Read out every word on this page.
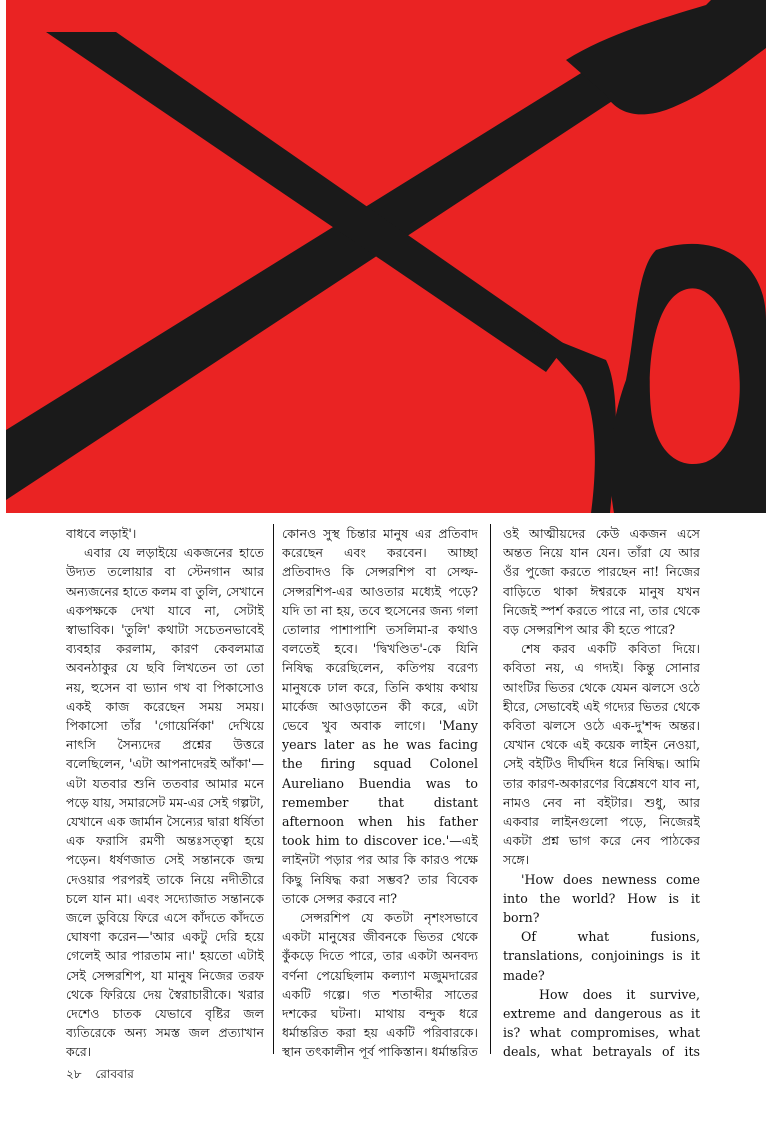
বাধবে লড়াই'।

এবার যে লড়াইয়ে একজনের হাতে উদ্যত তলোয়ার বা স্টেনগান আর অন্যজনের হাতে কলম বা তুলি, সেখানে একপক্ষকে দেখা যাবে না, সেটাই স্বাভাবিক। 'তুলি' কথাটা সচেতনভাবেই ব্যবহার করলাম, কারণ কেবলমাত্র অবনঠাকুর যে ছবি লিখতেন তা তো নয়, হুসেন বা ভ্যান গখ বা পিকাসোও একই কাজ করেছেন সময় সময়। পিকাসো তাঁর 'গোয়ের্নিকা' দেখিয়ে নাৎসি সৈন্যদের প্রশ্নের উত্তরে বলেছিলেন, 'এটা আপনাদেরই আঁকা'—এটা যতবার শুনি ততবার আমার মনে পড়ে যায়, সমারসেট মম-এর সেই গল্পটা, যেখানে এক জার্মান সৈন্যের দ্বারা ধর্ষিতা এক ফরাসি রমণী অন্তঃসত্ত্বা হয়ে পড়েন। ধর্ষণজাত সেই সন্তানকে জন্ম দেওয়ার পরপরই তাকে নিয়ে নদীতীরে চলে যান মা। এবং সদ্যোজাত সন্তানকে জলে ডুবিয়ে ফিরে এসে কাঁদতে কাঁদতে ঘোষণা করেন—'আর একটু দেরি হয়ে গেলেই আর পারতাম না।' হয়তো এটাই সেই সেন্সরশিপ, যা মানুষ নিজের তরফ থেকে ফিরিয়ে দেয় স্বৈরাচারীকে। খরার দেশেও চাতক যেভাবে বৃষ্টির জল ব্যতিরেকে অন্য সমস্ত জল প্রত্যাখান করে।

কোনও সুস্থ চিন্তার মানুষ এর প্রতিবাদ করেছেন এবং করবেন। আচ্ছা প্রতিবাদও কি সেন্সরশিপ বা সেল্ফ-সেন্সরশিপ-এর আওতার মধ্যেই পড়ে? যদি তা না হয়, তবে হুসেনের জন্য গলা তোলার পাশাপাশি তসলিমা-র কথাও বলতেই হবে। 'দ্বিখণ্ডিত'-কে যিনি নিষিদ্ধ করেছিলেন, কতিপয় বরেণ্য মানুষকে ঢাল করে, তিনি কথায় কথায় মার্কেজ আওড়াতেন কী করে, এটা ভেবে খুব অবাক লাগে। 'Many years later as he was facing the firing squad Colonel Aureliano Buendia was to remember that distant afternoon when his father took him to discover ice.'—এই লাইনটা পড়ার পর আর কি কারও পক্ষে কিছু নিষিদ্ধ করা সম্ভব? তার বিবেক তাকে সেন্সর করবে না?

সেন্সরশিপ যে কতটা নৃশংসভাবে একটা মানুষের জীবনকে ভিতর থেকে কুঁকড়ে দিতে পারে, তার একটা অনবদ্য বর্ণনা পেয়েছিলাম কল্যাণ মজুমদারের একটি গল্পে। গত শতাব্দীর সাতের দশকের ঘটনা। মাথায় বন্দুক ধরে ধর্মান্তরিত করা হয় একটি পরিবারকে। স্থান তৎকালীন পূর্ব পাকিস্তান। ধর্মান্তরিত

ওই আত্মীয়দের কেউ একজন এসে অন্তত নিয়ে যান যেন। তাঁরা যে আর ওঁর পুজো করতে পারছেন না! নিজের বাড়িতে থাকা ঈশ্বরকে মানুষ যখন নিজেই স্পর্শ করতে পারে না, তার থেকে বড় সেন্সরশিপ আর কী হতে পারে?

শেষ করব একটি কবিতা দিয়ে। কবিতা নয়, এ গদ্যই। কিন্তু সোনার আংটির ভিতর থেকে যেমন ঝলসে ওঠে হীরে, সেভাবেই এই গদ্যের ভিতর থেকে কবিতা ঝলসে ওঠে এক-দু'শব্দ অন্তর। যেখান থেকে এই কয়েক লাইন নেওয়া, সেই বইটিও দীর্ঘদিন ধরে নিষিদ্ধ। আমি তার কারণ-অকারণের বিশ্লেষণে যাব না, নামও নেব না বইটার। শুধু, আর একবার লাইনগুলো পড়ে, নিজেরই একটা প্রশ্ন ভাগ করে নেব পাঠকের সঙ্গে।

'How does newness come into the world? How is it born?

Of what fusions, translations, conjoinings is it made?

How does it survive, extreme and dangerous as it is? what compromises, what deals, what betrayals of its

২৮ রোববার
